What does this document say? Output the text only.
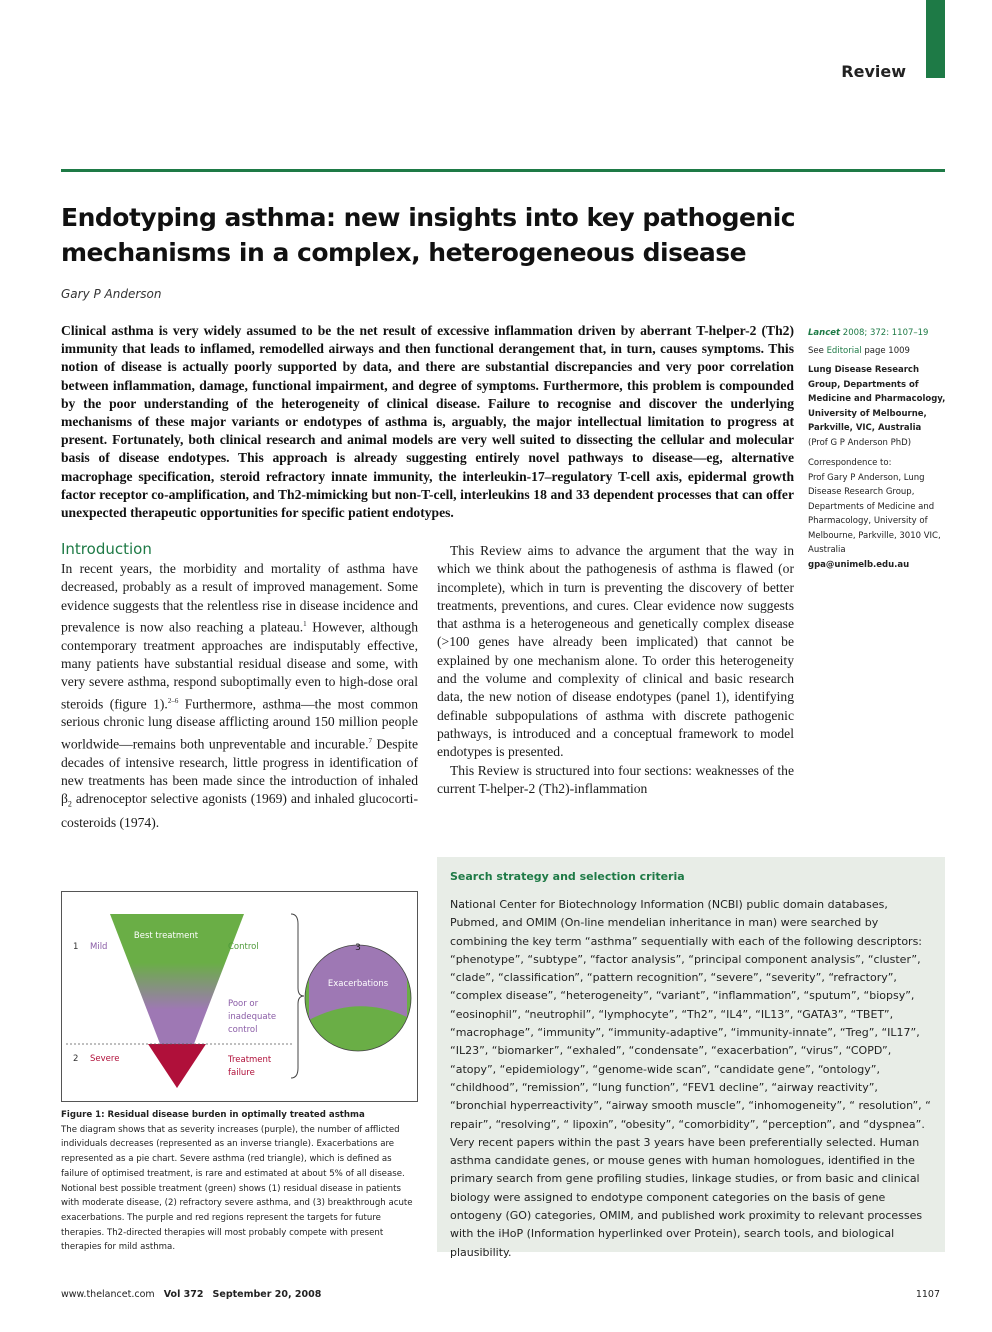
Review
Endotyping asthma: new insights into key pathogenic mechanisms in a complex, heterogeneous disease
Gary P Anderson
Clinical asthma is very widely assumed to be the net result of excessive inflammation driven by aberrant T-helper-2 (Th2) immunity that leads to inflamed, remodelled airways and then functional derangement that, in turn, causes symptoms. This notion of disease is actually poorly supported by data, and there are substantial discrepancies and very poor correlation between inflammation, damage, functional impairment, and degree of symptoms. Furthermore, this problem is compounded by the poor understanding of the heterogeneity of clinical disease. Failure to recognise and discover the underlying mechanisms of these major variants or endotypes of asthma is, arguably, the major intellectual limitation to progress at present. Fortunately, both clinical research and animal models are very well suited to dissecting the cellular and molecular basis of disease endotypes. This approach is already suggesting entirely novel pathways to disease—eg, alternative macrophage specification, steroid refractory innate immunity, the interleukin-17–regulatory T-cell axis, epidermal growth factor receptor co-amplification, and Th2-mimicking but non-T-cell, interleukins 18 and 33 dependent processes that can offer unexpected therapeutic opportunities for specific patient endotypes.
Lancet 2008; 372: 1107–19
See Editorial page 1009
Lung Disease Research Group, Departments of Medicine and Pharmacology, University of Melbourne, Parkville, VIC, Australia
(Prof G P Anderson PhD)
Correspondence to:
Prof Gary P Anderson, Lung Disease Research Group, Departments of Medicine and Pharmacology, University of Melbourne, Parkville, 3010 VIC, Australia
gpa@unimelb.edu.au
Introduction

In recent years, the morbidity and mortality of asthma have decreased, probably as a result of improved management. Some evidence suggests that the relentless rise in disease incidence and prevalence is now also reaching a plateau.$^1$ However, although contemporary treatment approaches are indisputably effective, many patients have substantial residual disease and some, with very severe asthma, respond suboptimally even to high-dose oral steroids (figure 1).$^{2-6}$ Furthermore, asthma—the most common serious chronic lung disease afflicting around 150 million people worldwide—remains both unpreventable and incurable.$^7$ Despite decades of intensive research, little progress in identification of new treatments has been made since the introduction of inhaled $\beta_2$ adrenoceptor selective agonists (1969) and inhaled glucocorticosteroids (1974).

This Review aims to advance the argument that the way in which we think about the pathogenesis of asthma is flawed (or incomplete), which in turn is preventing the discovery of better treatments, preventions, and cures. Clear evidence now suggests that asthma is a heterogeneous and genetically complex disease (>100 genes have already been implicated) that cannot be explained by one mechanism alone. To order this heterogeneity and the volume and complexity of clinical and basic research data, the new notion of disease endotypes (panel 1), identifying definable subpopulations of asthma with discrete pathogenic pathways, is introduced and a conceptual framework to model endotypes is presented.

This Review is structured into four sections: weaknesses of the current T-helper-2 (Th2)-inflammation

Best treatment
1 Mild
2 Severe
Control
Poor or
inadequate
control
Treatment
failure
3
Exacerbations
Figure 1: Residual disease burden in optimally treated asthma
The diagram shows that as severity increases (purple), the number of afflicted individuals decreases (represented as an inverse triangle). Exacerbations are represented as a pie chart. Severe asthma (red triangle), which is defined as failure of optimised treatment, is rare and estimated at about 5% of all disease. Notional best possible treatment (green) shows (1) residual disease in patients with moderate disease, (2) refractory severe asthma, and (3) breakthrough acute exacerbations. The purple and red regions represent the targets for future therapies. Th2-directed therapies will most probably compete with present therapies for mild asthma.
Search strategy and selection criteria
National Center for Biotechnology Information (NCBI) public domain databases, Pubmed, and OMIM (On-line mendelian inheritance in man) were searched by combining the key term “asthma” sequentially with each of the following descriptors: “phenotype”, “subtype”, “factor analysis”, “principal component analysis”, “cluster”, “clade”, “classification”, “pattern recognition”, “severe”, “severity”, “refractory”, “complex disease”, “heterogeneity”, “variant”, “inflammation”, “sputum”, “biopsy”, “eosinophil”, “neutrophil”, “lymphocyte”, “Th2”, “IL4”, “IL13”, “GATA3”, “TBET”, “macrophage”, “immunity”, “immunity-adaptive”, “immunity-innate”, “Treg”, “IL17”, “IL23”, “biomarker”, “exhaled”, “condensate”, “exacerbation”, “virus”, “COPD”, “atopy”, “epidemiology”, “genome-wide scan”, “candidate gene”, “ontology”, “childhood”, “remission”, “lung function”, “FEV1 decline”, “airway reactivity”, “bronchial hyperreactivity”, “airway smooth muscle”, “inhomogeneity”, “ resolution”, “ repair”, “resolving”, “ lipoxin”, “obesity”, “comorbidity”, “perception”, and “dyspnea”. Very recent papers within the past 3 years have been preferentially selected. Human asthma candidate genes, or mouse genes with human homologues, identified in the primary search from gene profiling studies, linkage studies, or from basic and clinical biology were assigned to endotype component categories on the basis of gene ontogeny (GO) categories, OMIM, and published work proximity to relevant processes with the iHoP (Information hyperlinked over Protein), search tools, and biological plausibility.
www.thelancet.com Vol 372 September 20, 2008	1107
